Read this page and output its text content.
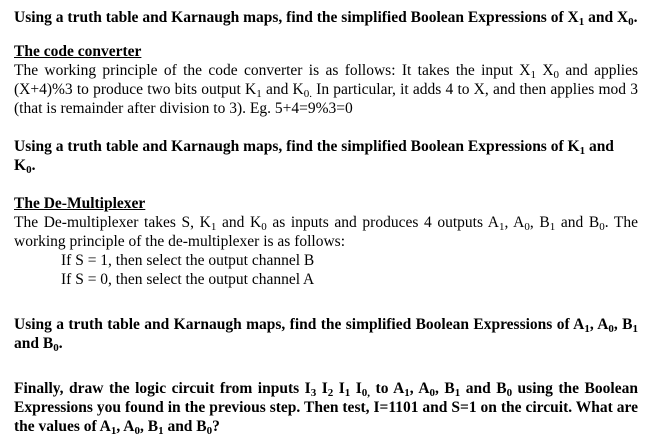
Using a truth table and Karnaugh maps, find the simplified Boolean Expressions of $X_1$ and $X_0$.

The code converter

The working principle of the code converter is as follows: It takes the input $X_1$ $X_0$ and applies (X+4)%3 to produce two bits output $K_1$ and $K_{0.}$ In particular, it adds 4 to X, and then applies mod 3 (that is remainder after division to 3). Eg. 5+4=9%3=0

Using a truth table and Karnaugh maps, find the simplified Boolean Expressions of $K_1$ and $K_0$.

The De-Multiplexer

The De-multiplexer takes S, $K_1$ and $K_0$ as inputs and produces 4 outputs $A_1$, $A_0$, $B_1$ and $B_0$. The working principle of the de-multiplexer is as follows:

If S = 1, then select the output channel B

If S = 0, then select the output channel A

Using a truth table and Karnaugh maps, find the simplified Boolean Expressions of $A_1$, $A_0$, $B_1$ and $B_0$.

Finally, draw the logic circuit from inputs $I_3$ $I_2$ $I_1$ $I_{0,}$ to $A_1$, $A_0$, $B_1$ and $B_0$ using the Boolean Expressions you found in the previous step. Then test, I=1101 and S=1 on the circuit. What are the values of $A_1$, $A_0$, $B_1$ and $B_0$?
